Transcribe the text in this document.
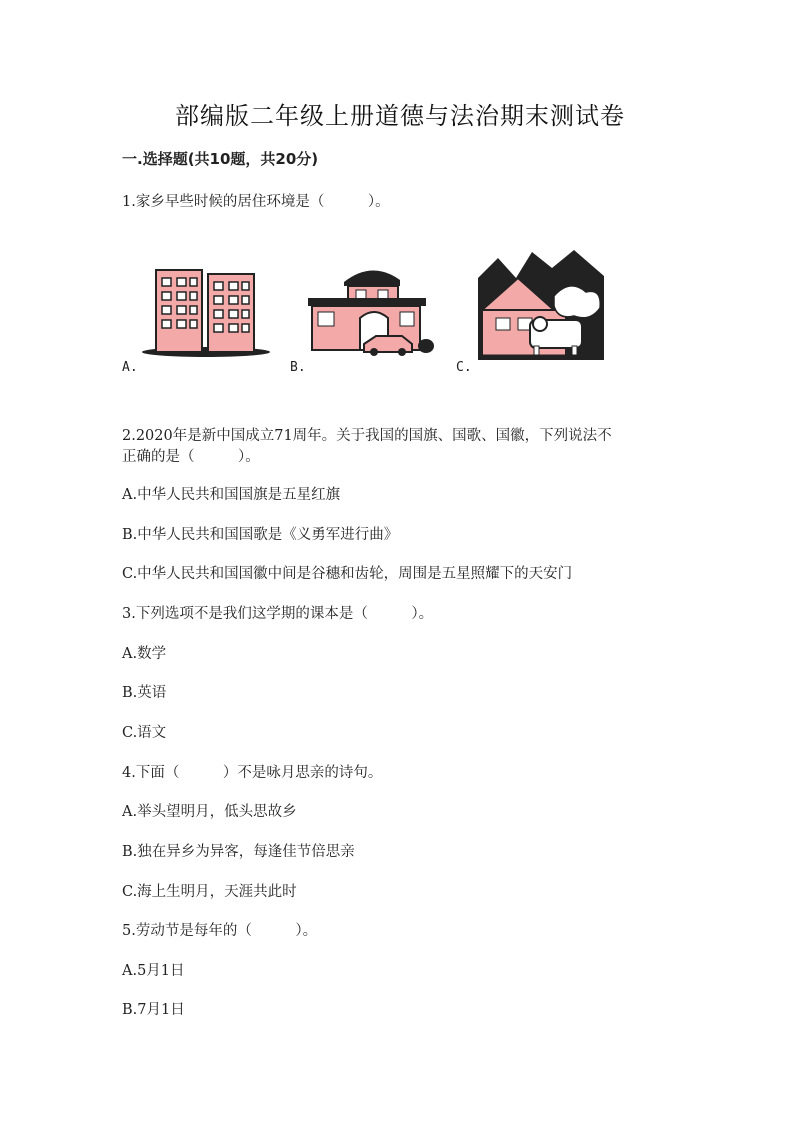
部编版二年级上册道德与法治期末测试卷
一.选择题(共10题，共20分)
1.家乡早些时候的居住环境是（　　　）。
A.	B.	C.
2.2020年是新中国成立71周年。关于我国的国旗、国歌、国徽，下列说法不
正确的是（　　　）。
A.中华人民共和国国旗是五星红旗
B.中华人民共和国国歌是《义勇军进行曲》
C.中华人民共和国国徽中间是谷穗和齿轮，周围是五星照耀下的天安门
3.下列选项不是我们这学期的课本是（　　　）。
A.数学
B.英语
C.语文
4.下面（　　　）不是咏月思亲的诗句。
A.举头望明月，低头思故乡
B.独在异乡为异客，每逢佳节倍思亲
C.海上生明月，天涯共此时
5.劳动节是每年的（　　　）。
A.5月1日
B.7月1日
